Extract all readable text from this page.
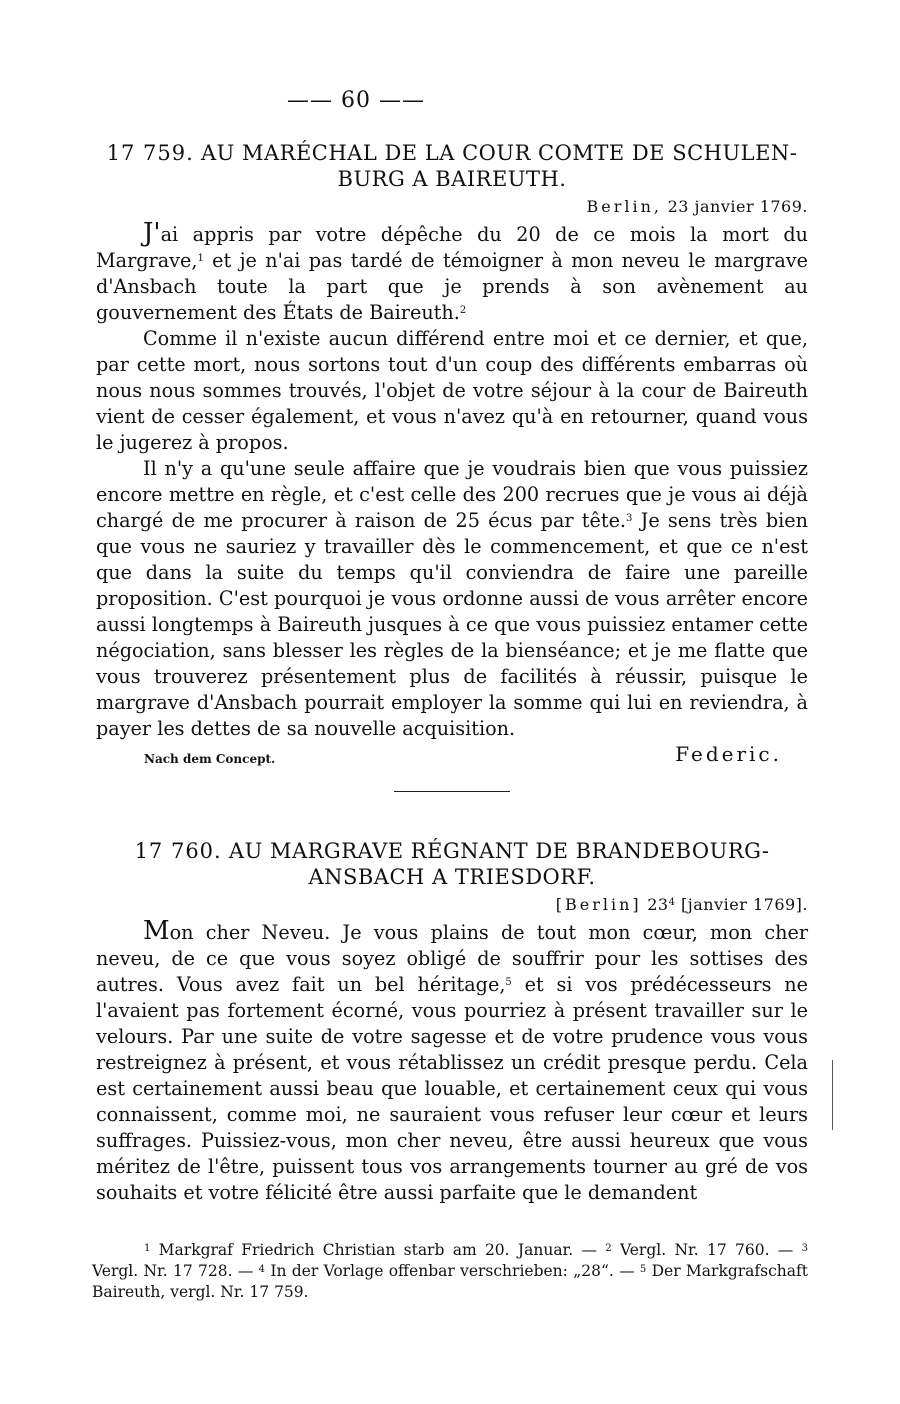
—— 60 ——

17 759. AU MARÉCHAL DE LA COUR COMTE DE SCHULEN-
BURG A BAIREUTH.

Berlin, 23 janvier 1769.

J'ai appris par votre dépêche du 20 de ce mois la mort du Margrave,$^1$ et je n'ai pas tardé de témoigner à mon neveu le margrave d'Ansbach toute la part que je prends à son avènement au gouvernement des États de Baireuth.$^2$

Comme il n'existe aucun différend entre moi et ce dernier, et que, par cette mort, nous sortons tout d'un coup des différents embarras où nous nous sommes trouvés, l'objet de votre séjour à la cour de Baireuth vient de cesser également, et vous n'avez qu'à en retourner, quand vous le jugerez à propos.

Il n'y a qu'une seule affaire que je voudrais bien que vous puissiez encore mettre en règle, et c'est celle des 200 recrues que je vous ai déjà chargé de me procurer à raison de 25 écus par tête.$^3$ Je sens très bien que vous ne sauriez y travailler dès le commencement, et que ce n'est que dans la suite du temps qu'il conviendra de faire une pareille proposition. C'est pourquoi je vous ordonne aussi de vous arrêter encore aussi longtemps à Baireuth jusques à ce que vous puissiez entamer cette négociation, sans blesser les règles de la bienséance; et je me flatte que vous trouverez présentement plus de facilités à réussir, puisque le margrave d'Ansbach pourrait employer la somme qui lui en reviendra, à payer les dettes de sa nouvelle acquisition.

Nach dem Concept.	Federic.

17 760. AU MARGRAVE RÉGNANT DE BRANDEBOURG-
ANSBACH A TRIESDORF.

[Berlin] $23^4$ [janvier 1769].

Mon cher Neveu. Je vous plains de tout mon cœur, mon cher neveu, de ce que vous soyez obligé de souffrir pour les sottises des autres. Vous avez fait un bel héritage,$^5$ et si vos prédécesseurs ne l'avaient pas fortement écorné, vous pourriez à présent travailler sur le velours. Par une suite de votre sagesse et de votre prudence vous vous restreignez à présent, et vous rétablissez un crédit presque perdu. Cela est certainement aussi beau que louable, et certainement ceux qui vous connaissent, comme moi, ne sauraient vous refuser leur cœur et leurs suffrages. Puissiez-vous, mon cher neveu, être aussi heureux que vous méritez de l'être, puissent tous vos arrangements tourner au gré de vos souhaits et votre félicité être aussi parfaite que le demandent

$^1$ Markgraf Friedrich Christian starb am 20. Januar. — $^2$ Vergl. Nr. 17 760. — $^3$ Vergl. Nr. 17 728. — $^4$ In der Vorlage offenbar verschrieben: „28“. — $^5$ Der Markgrafschaft Baireuth, vergl. Nr. 17 759.
